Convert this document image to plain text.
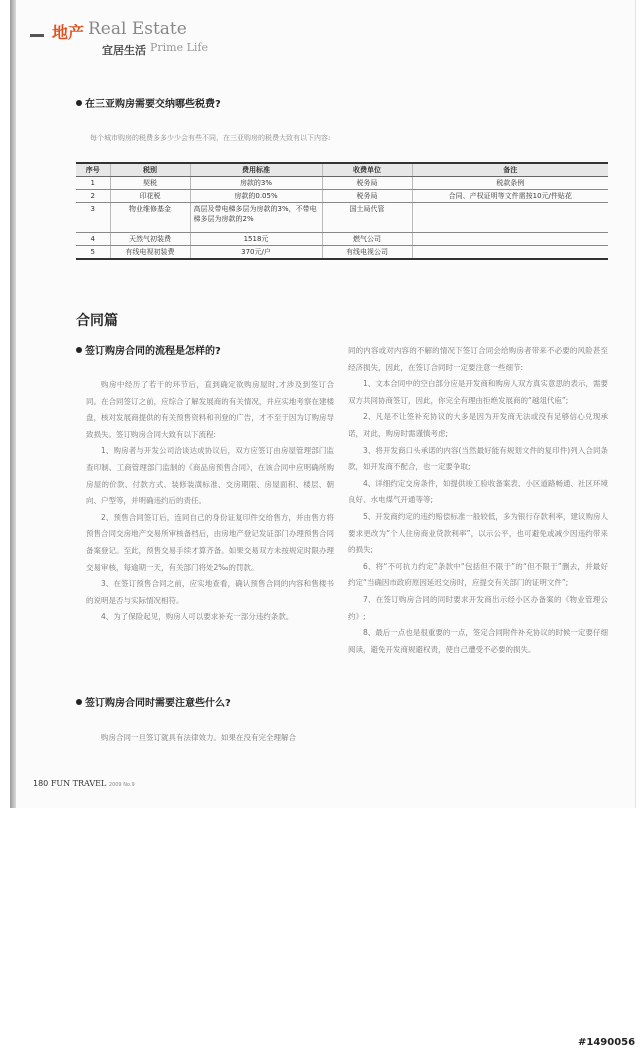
地产 Real Estate
宜居生活 Prime Life
在三亚购房需要交纳哪些税费?
每个城市购房的税费多多少少会有些不同，在三亚购房的税费大致有以下内容:
序号	税别	费用标准	收费单位	备注
1	契税	房款的3%	税务局	税款条例
2	印花税	房款的0.05%	税务局	合同、产权证明等文件需按10元/件贴花
3	物业维修基金	高层及带电梯多层为房款的3%，不带电梯多层为房款的2%	国土局代管	
4	天然气初装费	1518元	燃气公司	
5	有线电视初装费	370元/户	有线电视公司	
合同篇
签订购房合同的流程是怎样的?

购房中经历了若干的环节后，直到确定欲购房屋时,才涉及到签订合同。在合同签订之前，应综合了解发展商的有关情况，并应实地考察在建楼盘，核对发展商提供的有关预售资料和刊登的广告，才不至于因为订购房导致损失。签订购房合同大致有以下流程:

1、购房者与开发公司洽谈达成协议后，双方应签订由房屋管理部门监查印制、工商管理部门监制的《商品房预售合同》，在该合同中应明确所购房屋的价款、付款方式、装修装潢标准、交房期限、房屋面积、楼层、朝向、户型等，并明确违约后的责任。

2、预售合同签订后，连同自己的身份证复印件交给售方，并由售方将预售合同交房地产交易所审核备档后，由房地产登记发证部门办理预售合同备案登记。至此，预售交易手续才算齐备。如果交易双方未按规定时限办理交易审核，每逾期一天，有关部门将处2‰的罚款。

3、在签订预售合同之前，应实地查看，确认预售合同的内容和售楼书的说明是否与实际情况相符。

4、为了保险起见，购房人可以要求补充一部分违约条款。

签订购房合同时需要注意些什么?

购房合同一旦签订就具有法律效力。如果在没有完全理解合

同的内容或对内容的不解的情况下签订合同会给购房者带来不必要的风险甚至经济损失，因此，在签订合同时一定要注意一些细节:

1、文本合同中的空白部分应是开发商和购房人双方真实意思的表示，需要双方共同协商签订，因此，你完全有理由拒绝发展商的“越俎代庖”;

2、凡是不让签补充协议的大多是因为开发商无法或没有足够信心兑现承诺，对此，购房时需谨慎考虑;

3、将开发商口头承诺的内容(当然最好能有规划文件的复印件)列入合同条款，如开发商不配合，也一定要争取;

4、详细约定交房条件，如提供竣工验收备案表、小区道路畅通、社区环境良好、水电煤气开通等等;

5、开发商约定的违约赔偿标准一般较低，多为银行存款利率，建议购房人要求更改为“个人住房商业贷款利率”，以示公平，也可避免或减少因违约带来的损失;

6、将“不可抗力约定”条款中“包括但不限于”的“但不限于”删去，并最好约定“当确因市政府原因延迟交房时，应提交有关部门的证明文件”;

7、在签订购房合同的同时要求开发商出示经小区办备案的《物业管理公约》;

8、最后一点也是很重要的一点，签定合同附件补充协议的时候一定要仔细阅读，避免开发商规避权责，使自己遭受不必要的损失。

180 FUN TRAVEL 2009 No.9
#1490056
